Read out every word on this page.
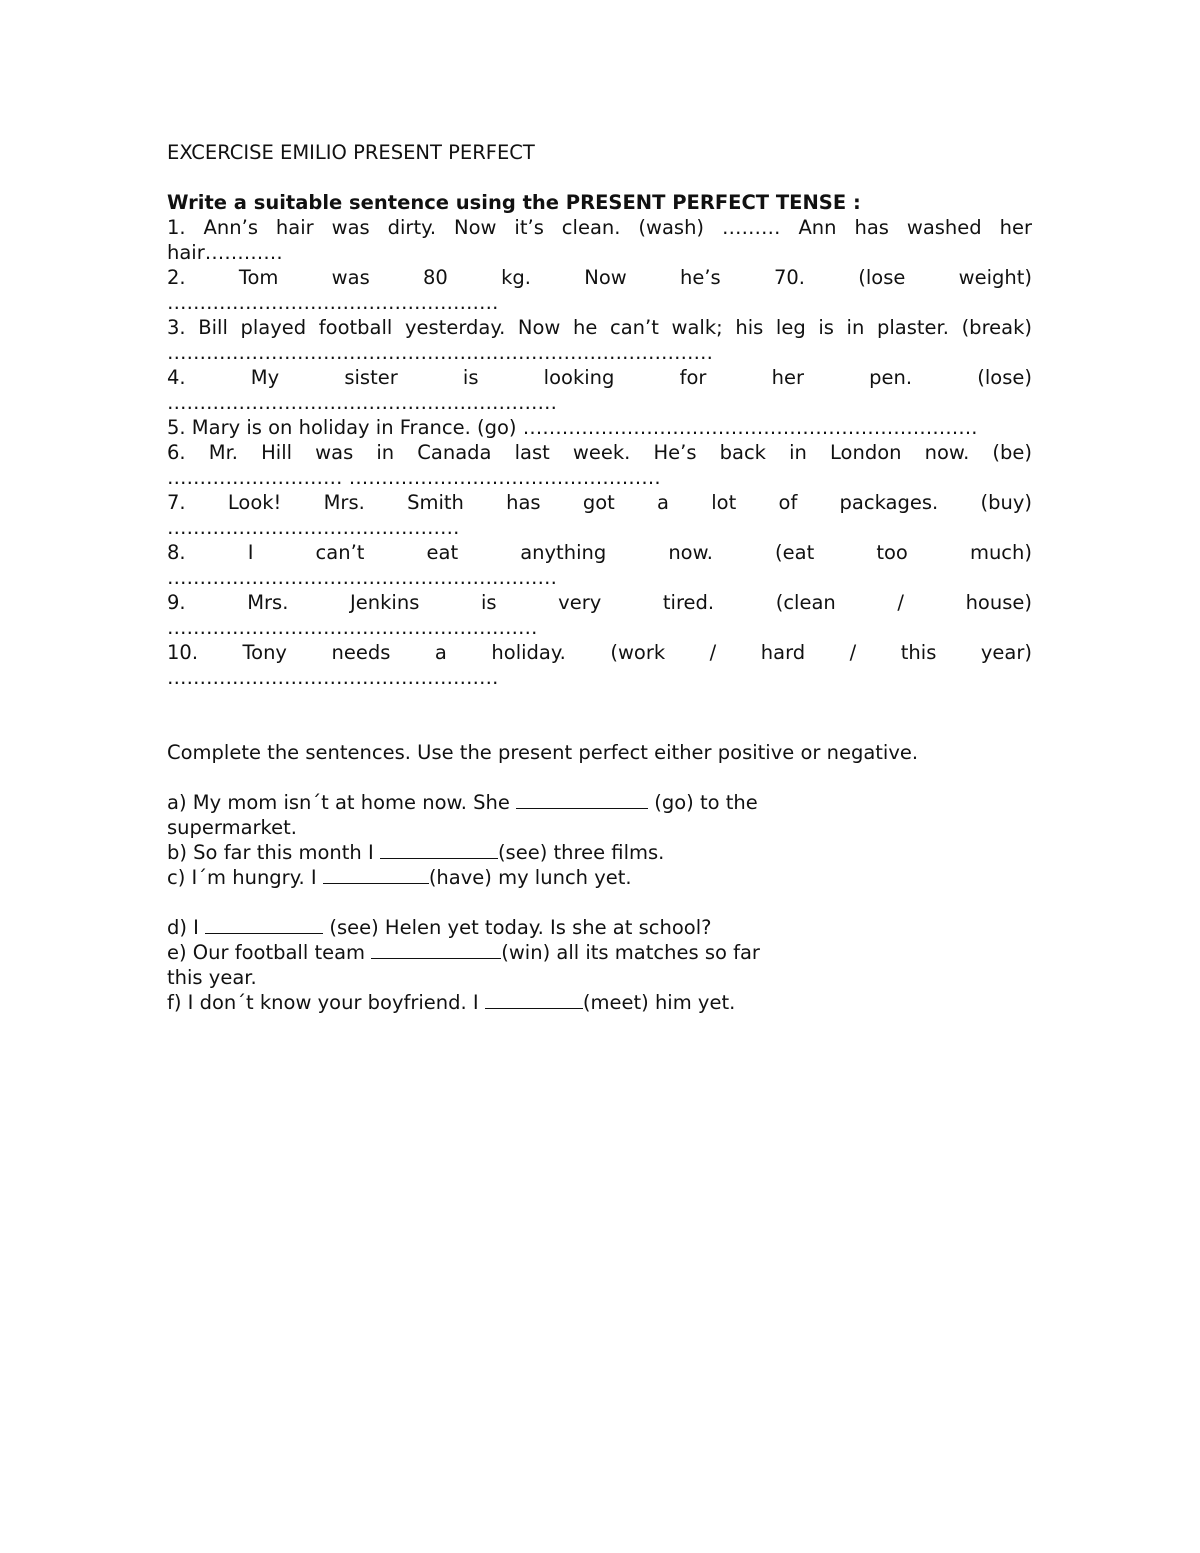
EXCERCISE EMILIO PRESENT PERFECT
Write a suitable sentence using the PRESENT PERFECT TENSE :
1. Ann’s hair was dirty. Now it’s clean. (wash) ……… Ann has washed her
hair…………
2. Tom was 80 kg. Now he’s 70. (lose weight)
……………………………………………
3. Bill played football yesterday. Now he can’t walk; his leg is in plaster. (break)
…………………………………………………………………………
4. My sister is looking for her pen. (lose)
……………………………………………………
5. Mary is on holiday in France. (go) …………………………………………………………….
6. Mr. Hill was in Canada last week. He’s back in London now. (be)
……………………… …………………………………………
7. Look! Mrs. Smith has got a lot of packages. (buy)
………………………………………
8. I can’t eat anything now. (eat too much)
……………………………………………………
9. Mrs. Jenkins is very tired. (clean / house)
…………………………………………………
10. Tony needs a holiday. (work / hard / this year)
……………………………………………
Complete the sentences. Use the present perfect either positive or negative.
a) My mom isn´t at home now. She	(go) to the
supermarket.
b) So far this month I	(see) three films.
c) I´m hungry. I	(have) my lunch yet.
d) I	(see) Helen yet today. Is she at school?
e) Our football team	(win) all its matches so far
this year.
f) I don´t know your boyfriend. I	(meet) him yet.
